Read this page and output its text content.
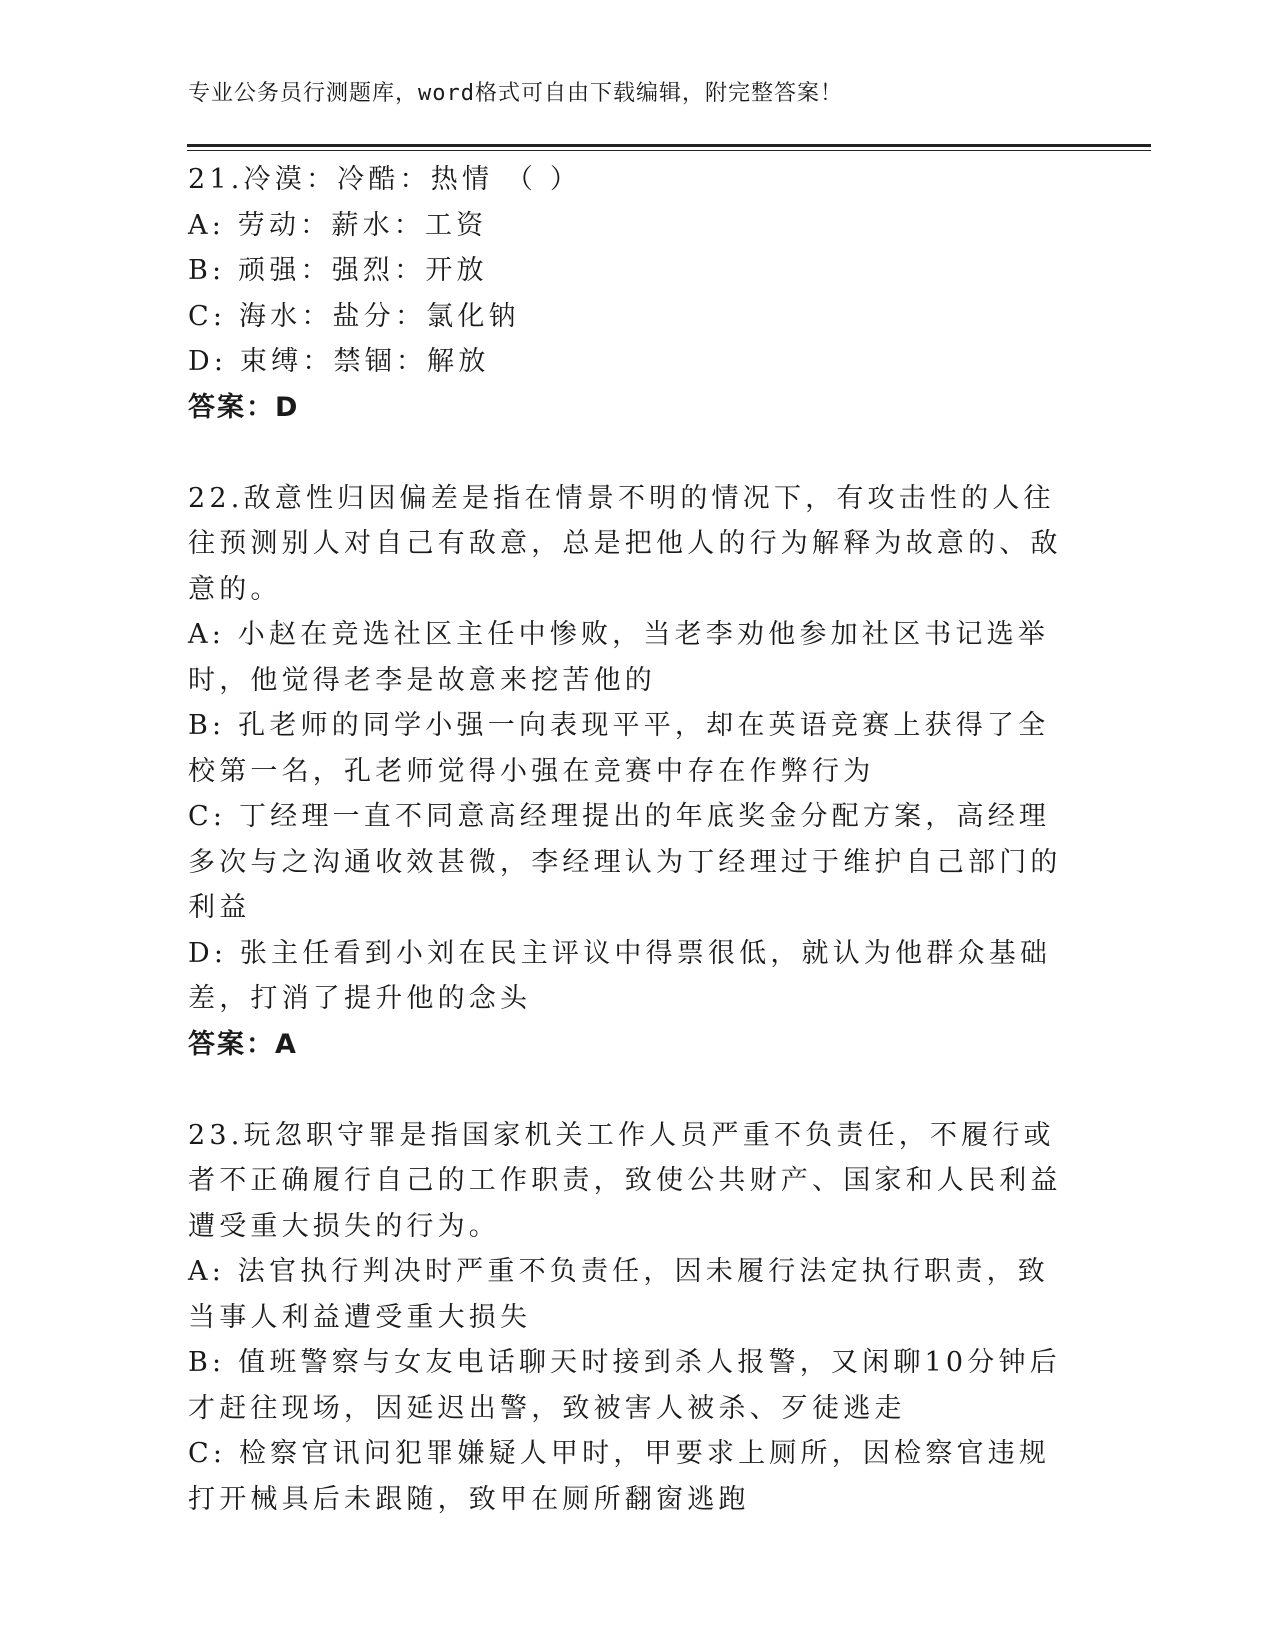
专业公务员行测题库，word格式可自由下载编辑，附完整答案！
21.冷漠：冷酷：热情 （ ）
A: 劳动：薪水：工资
B: 顽强：强烈：开放
C: 海水：盐分：氯化钠
D: 束缚：禁锢：解放
答案：D
22.敌意性归因偏差是指在情景不明的情况下，有攻击性的人往往预测别人对自己有敌意，总是把他人的行为解释为故意的、敌意的。
A: 小赵在竞选社区主任中惨败，当老李劝他参加社区书记选举时，他觉得老李是故意来挖苦他的
B: 孔老师的同学小强一向表现平平，却在英语竞赛上获得了全校第一名，孔老师觉得小强在竞赛中存在作弊行为
C: 丁经理一直不同意高经理提出的年底奖金分配方案，高经理多次与之沟通收效甚微，李经理认为丁经理过于维护自己部门的利益
D: 张主任看到小刘在民主评议中得票很低，就认为他群众基础差，打消了提升他的念头
答案：A
23.玩忽职守罪是指国家机关工作人员严重不负责任，不履行或者不正确履行自己的工作职责，致使公共财产、国家和人民利益遭受重大损失的行为。
A: 法官执行判决时严重不负责任，因未履行法定执行职责，致当事人利益遭受重大损失
B: 值班警察与女友电话聊天时接到杀人报警，又闲聊10分钟后才赶往现场，因延迟出警，致被害人被杀、歹徒逃走
C: 检察官讯问犯罪嫌疑人甲时，甲要求上厕所，因检察官违规打开械具后未跟随，致甲在厕所翻窗逃跑
